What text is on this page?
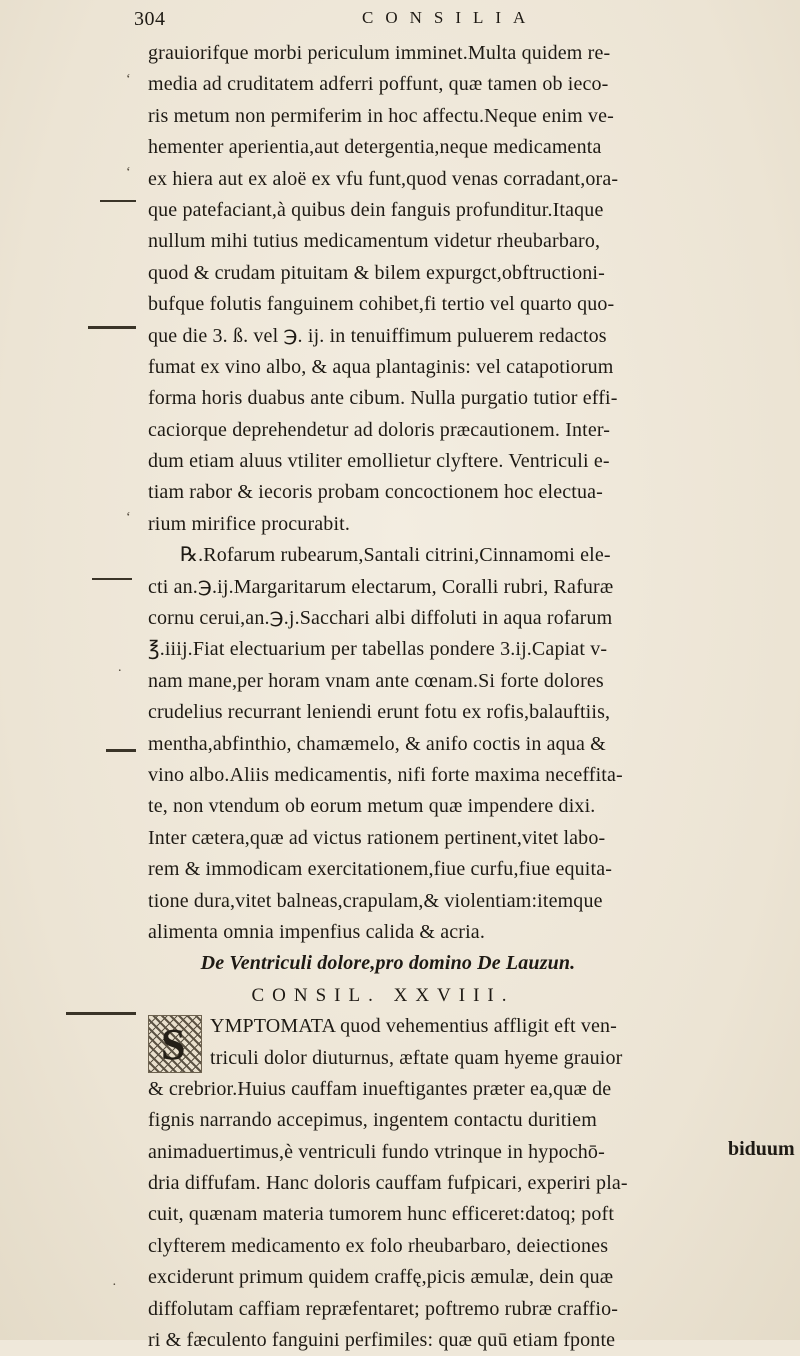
304	CONSILIA
‘
‘
‘
.
·
grauiorifque morbi periculum imminet.Multa quidem re-
media ad cruditatem adferri poffunt, quæ tamen ob ieco-
ris metum non permiferim in hoc affectu.Neque enim ve-
hementer aperientia,aut detergentia,neque medicamenta
ex hiera aut ex aloë ex vfu funt,quod venas corradant,ora-
que patefaciant,à quibus dein fanguis profunditur.Itaque
nullum mihi tutius medicamentum videtur rheubarbaro,
quod & crudam pituitam & bilem expurgct,obftructioni-
bufque folutis fanguinem cohibet,fi tertio vel quarto quo-
que die 3. ß. vel ℈. ij. in tenuiffimum puluerem redactos
fumat ex vino albo, & aqua plantaginis: vel catapotiorum
forma horis duabus ante cibum. Nulla purgatio tutior effi-
caciorque deprehendetur ad doloris præcautionem. Inter-
dum etiam aluus vtiliter emollietur clyftere. Ventriculi e-
tiam rabor & iecoris probam concoctionem hoc electua-
rium mirifice procurabit.
℞.Rofarum rubearum,Santali citrini,Cinnamomi ele-
cti an.℈.ij.Margaritarum electarum, Coralli rubri, Rafuræ
cornu cerui,an.℈.j.Sacchari albi diffoluti in aqua rofarum
℥.iiij.Fiat electuarium per tabellas pondere 3.ij.Capiat v-
nam mane,per horam vnam ante cœnam.Si forte dolores
crudelius recurrant leniendi erunt fotu ex rofis,balauftiis,
mentha,abfinthio, chamæmelo, & anifo coctis in aqua &
vino albo.Aliis medicamentis, nifi forte maxima neceffita-
te, non vtendum ob eorum metum quæ impendere dixi.
Inter cætera,quæ ad victus rationem pertinent,vitet labo-
rem & immodicam exercitationem,fiue curfu,fiue equita-
tione dura,vitet balneas,crapulam,& violentiam:itemque
alimenta omnia impenfius calida & acria.
De Ventriculi dolore,pro domino De Lauzun.
CONSIL. XXVIII.
S	YMPTOMATA quod vehementius affligit eft ven-
triculi dolor diuturnus, æftate quam hyeme grauior
& crebrior.Huius cauffam inueftigantes præter ea,quæ de
fignis narrando accepimus, ingentem contactu duritiem
animaduertimus,è ventriculi fundo vtrinque in hypochō-
dria diffufam. Hanc doloris cauffam fufpicari, experiri pla-
cuit, quænam materia tumorem hunc efficeret:datoq; poft
clyfterem medicamento ex folo rheubarbaro, deiectiones
exciderunt primum quidem craffę,picis æmulæ, dein quæ
diffolutam caffiam repræfentaret; poftremo rubræ craffio-
ri & fæculento fanguini perfimiles: quæ quū etiam fponte
biduum
